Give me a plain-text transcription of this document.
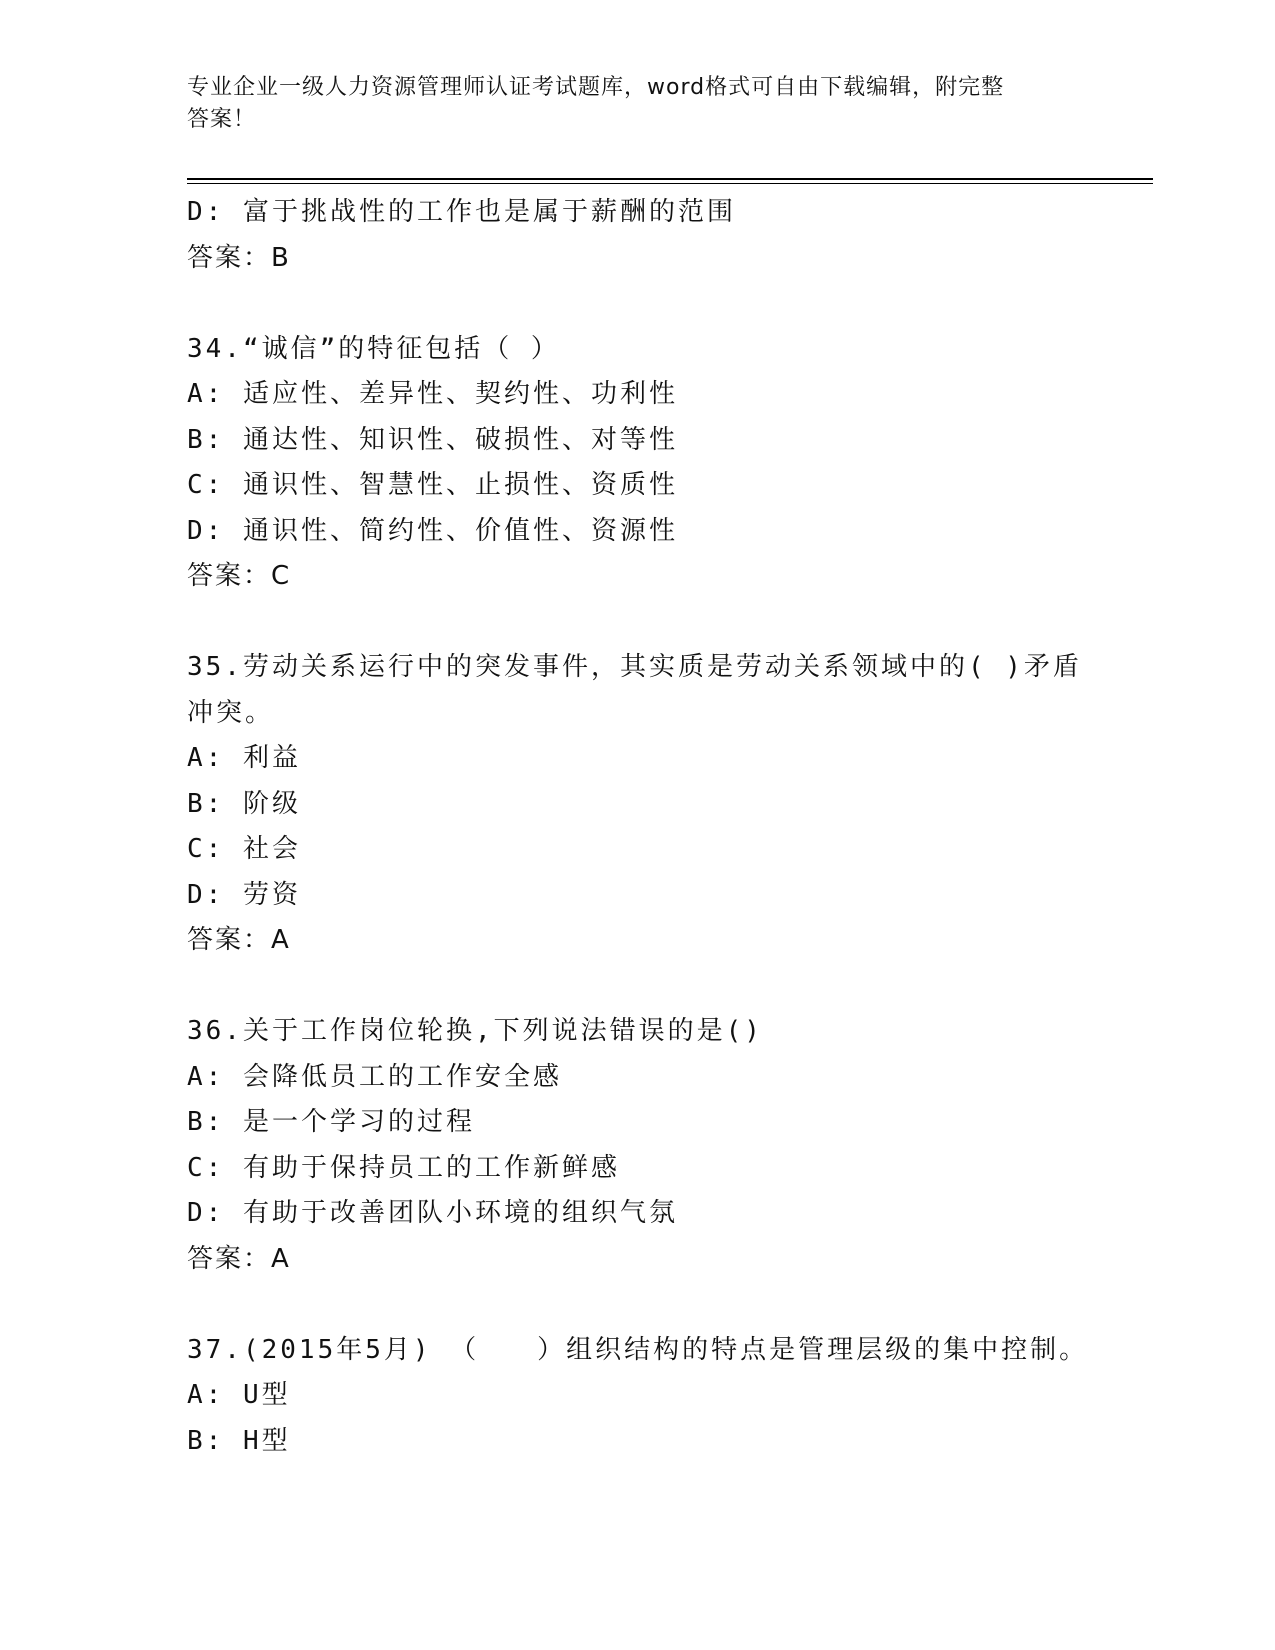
专业企业一级人力资源管理师认证考试题库，word格式可自由下载编辑，附完整
答案！
D: 富于挑战性的工作也是属于薪酬的范围
答案：B
34.“诚信”的特征包括（ ）
A: 适应性、差异性、契约性、功利性
B: 通达性、知识性、破损性、对等性
C: 通识性、智慧性、止损性、资质性
D: 通识性、简约性、价值性、资源性
答案：C
35.劳动关系运行中的突发事件，其实质是劳动关系领域中的( )矛盾
冲突。
A: 利益
B: 阶级
C: 社会
D: 劳资
答案：A
36.关于工作岗位轮换,下列说法错误的是()
A: 会降低员工的工作安全感
B: 是一个学习的过程
C: 有助于保持员工的工作新鲜感
D: 有助于改善团队小环境的组织气氛
答案：A
37.(2015年5月) （　　）组织结构的特点是管理层级的集中控制。
A: U型
B: H型
